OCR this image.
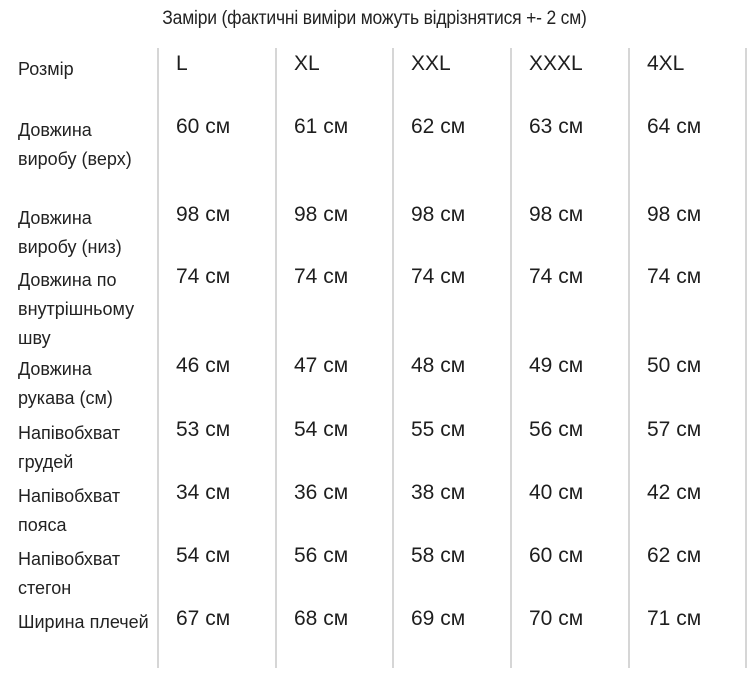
Заміри (фактичні виміри можуть відрізнятися +- 2 см)
Розмір	L	XL	XXL	XXXL	4XL
Довжина виробу (верх)
60 см	61 см	62 см	63 см	64 см
Довжина виробу (низ)
98 см	98 см	98 см	98 см	98 см
Довжина по внутрішньому шву
74 см	74 см	74 см	74 см	74 см
Довжина рукава (см)
46 см	47 см	48 см	49 см	50 см
Напівобхват грудей
53 см	54 см	55 см	56 см	57 см
Напівобхват пояса
34 см	36 см	38 см	40 см	42 см
Напівобхват стегон
54 см	56 см	58 см	60 см	62 см
Ширина плечей 67 см	68 см	69 см	70 см	71 см
